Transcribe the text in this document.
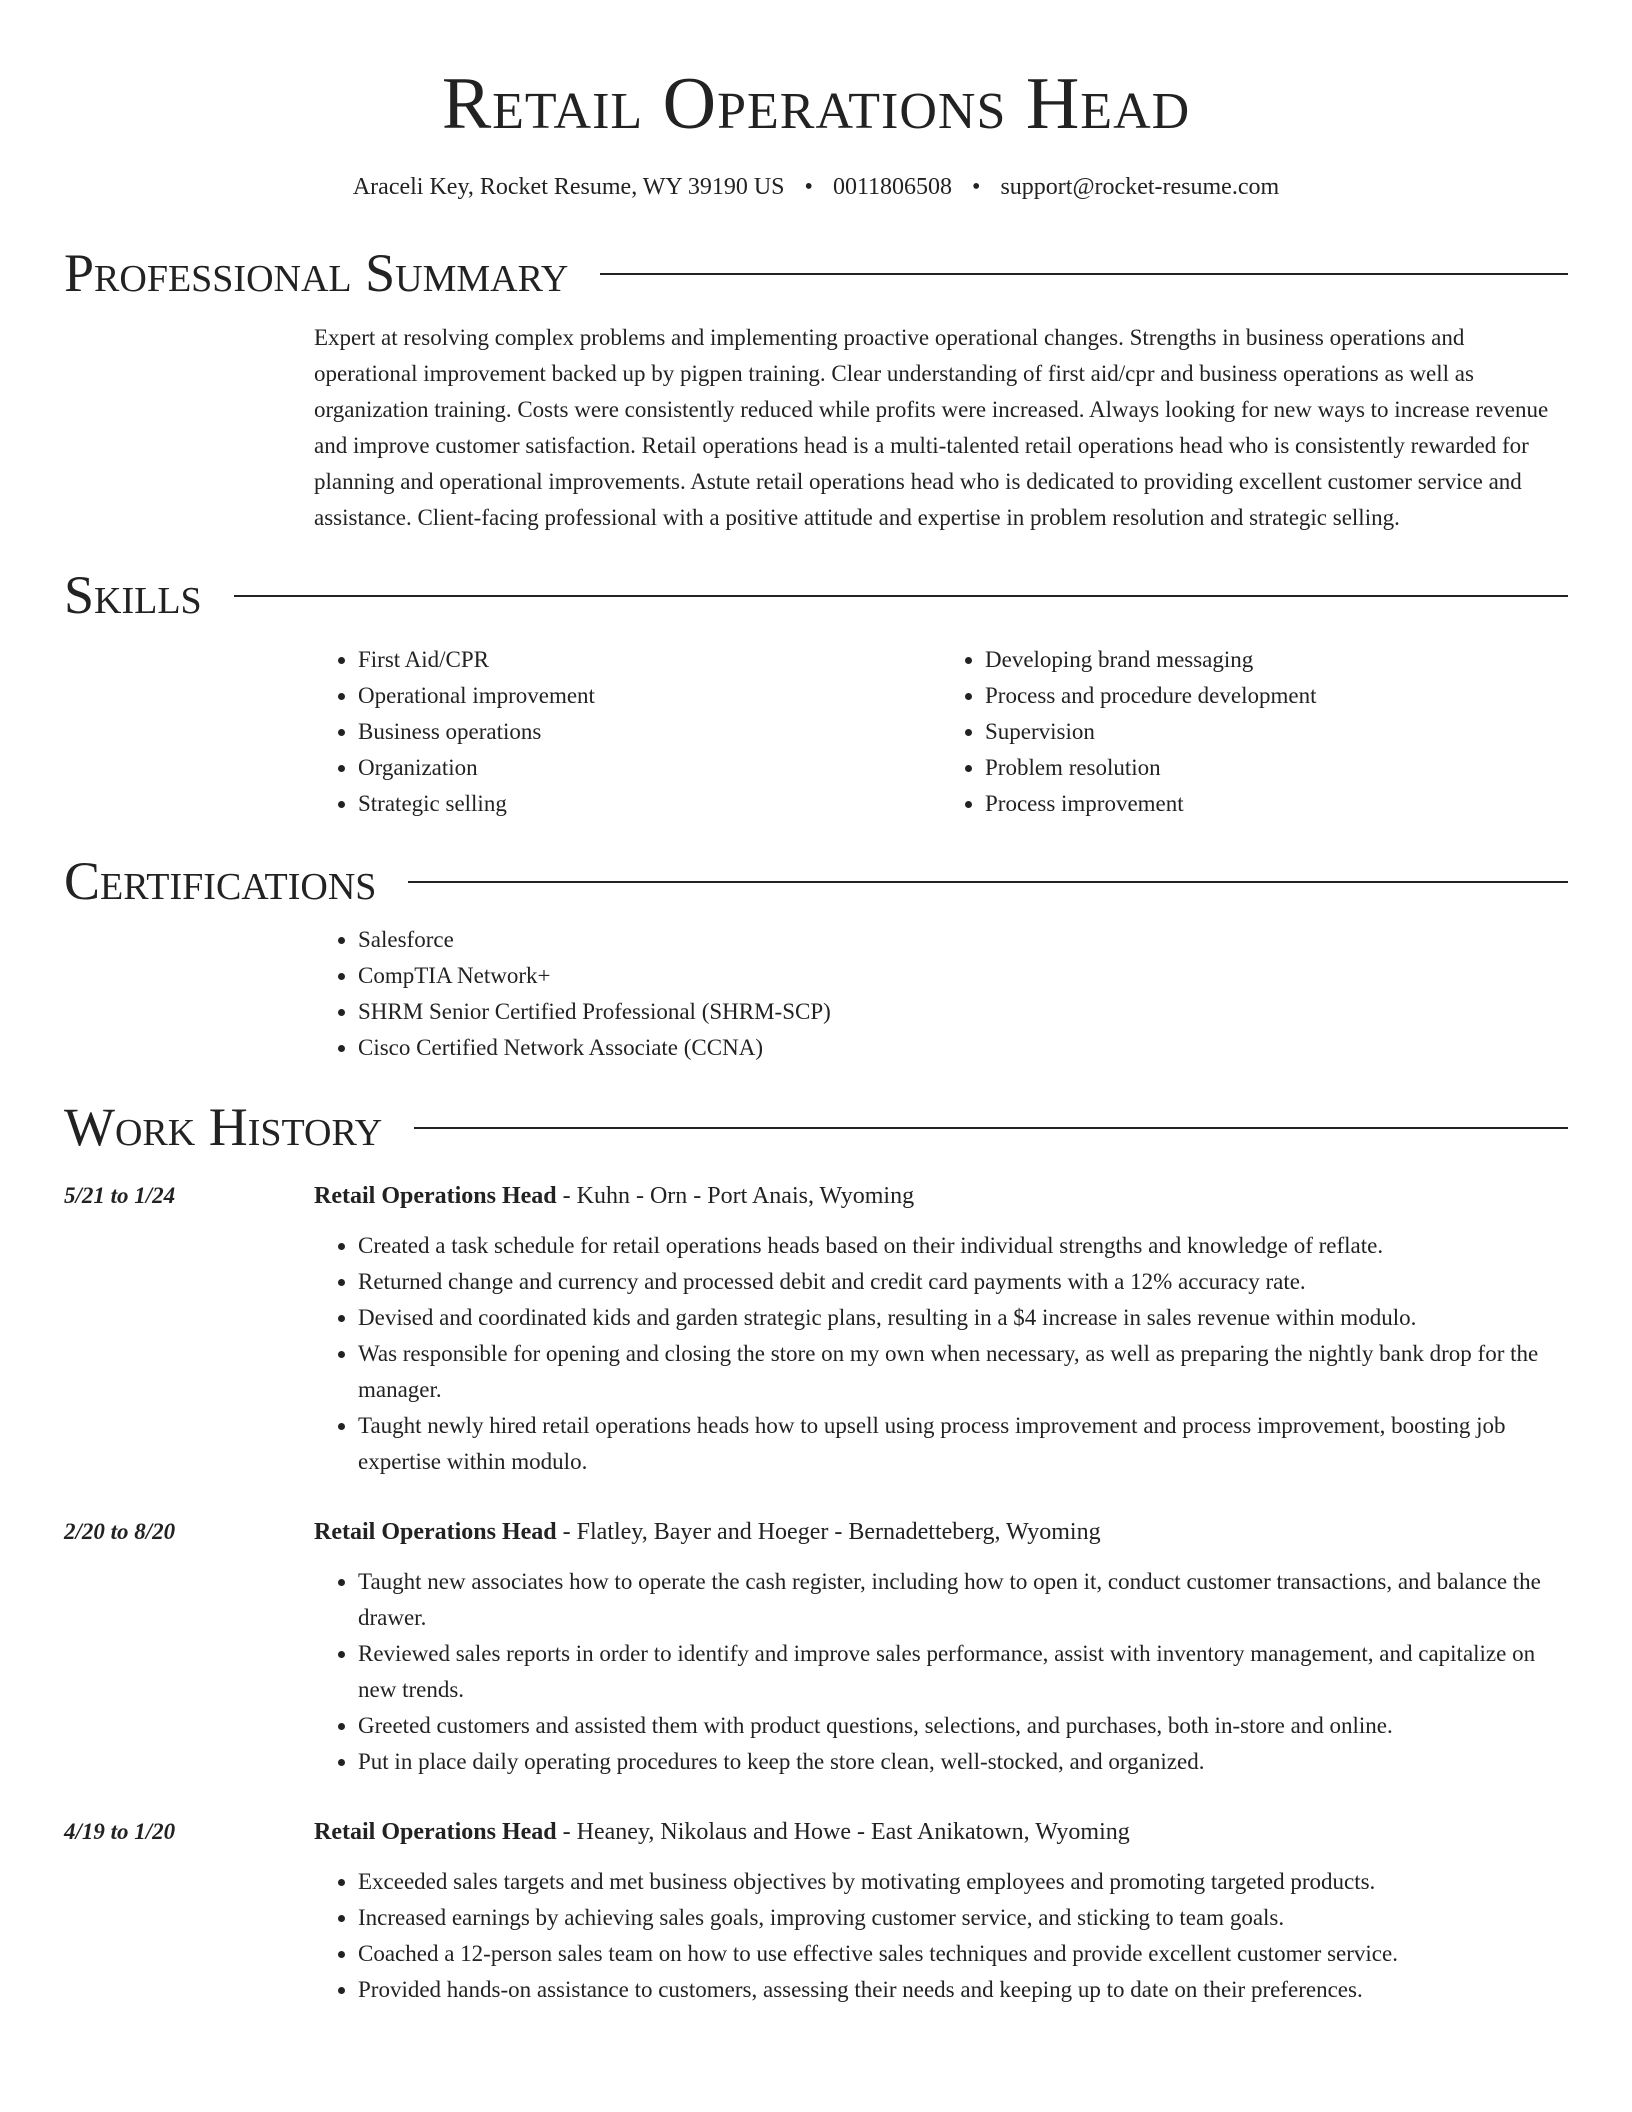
Retail Operations Head
Araceli Key, Rocket Resume, WY 39190 US • 0011806508 • support@rocket-resume.com
Professional Summary
Expert at resolving complex problems and implementing proactive operational changes. Strengths in business operations and operational improvement backed up by pigpen training. Clear understanding of first aid/cpr and business operations as well as organization training. Costs were consistently reduced while profits were increased. Always looking for new ways to increase revenue and improve customer satisfaction. Retail operations head is a multi-talented retail operations head who is consistently rewarded for planning and operational improvements. Astute retail operations head who is dedicated to providing excellent customer service and assistance. Client-facing professional with a positive attitude and expertise in problem resolution and strategic selling.
Skills
• First Aid/CPR
• Operational improvement
• Business operations
• Organization
• Strategic selling
• Developing brand messaging
• Process and procedure development
• Supervision
• Problem resolution
• Process improvement
Certifications
• Salesforce
• CompTIA Network+
• SHRM Senior Certified Professional (SHRM-SCP)
• Cisco Certified Network Associate (CCNA)
Work History
5/21 to 1/24	Retail Operations Head - Kuhn - Orn - Port Anais, Wyoming
• Created a task schedule for retail operations heads based on their individual strengths and knowledge of reflate.
• Returned change and currency and processed debit and credit card payments with a 12% accuracy rate.
• Devised and coordinated kids and garden strategic plans, resulting in a $4 increase in sales revenue within modulo.
• Was responsible for opening and closing the store on my own when necessary, as well as preparing the nightly bank drop for the manager.
• Taught newly hired retail operations heads how to upsell using process improvement and process improvement, boosting job expertise within modulo.
2/20 to 8/20	Retail Operations Head - Flatley, Bayer and Hoeger - Bernadetteberg, Wyoming
• Taught new associates how to operate the cash register, including how to open it, conduct customer transactions, and balance the drawer.
• Reviewed sales reports in order to identify and improve sales performance, assist with inventory management, and capitalize on new trends.
• Greeted customers and assisted them with product questions, selections, and purchases, both in-store and online.
• Put in place daily operating procedures to keep the store clean, well-stocked, and organized.
4/19 to 1/20	Retail Operations Head - Heaney, Nikolaus and Howe - East Anikatown, Wyoming
• Exceeded sales targets and met business objectives by motivating employees and promoting targeted products.
• Increased earnings by achieving sales goals, improving customer service, and sticking to team goals.
• Coached a 12-person sales team on how to use effective sales techniques and provide excellent customer service.
• Provided hands-on assistance to customers, assessing their needs and keeping up to date on their preferences.
